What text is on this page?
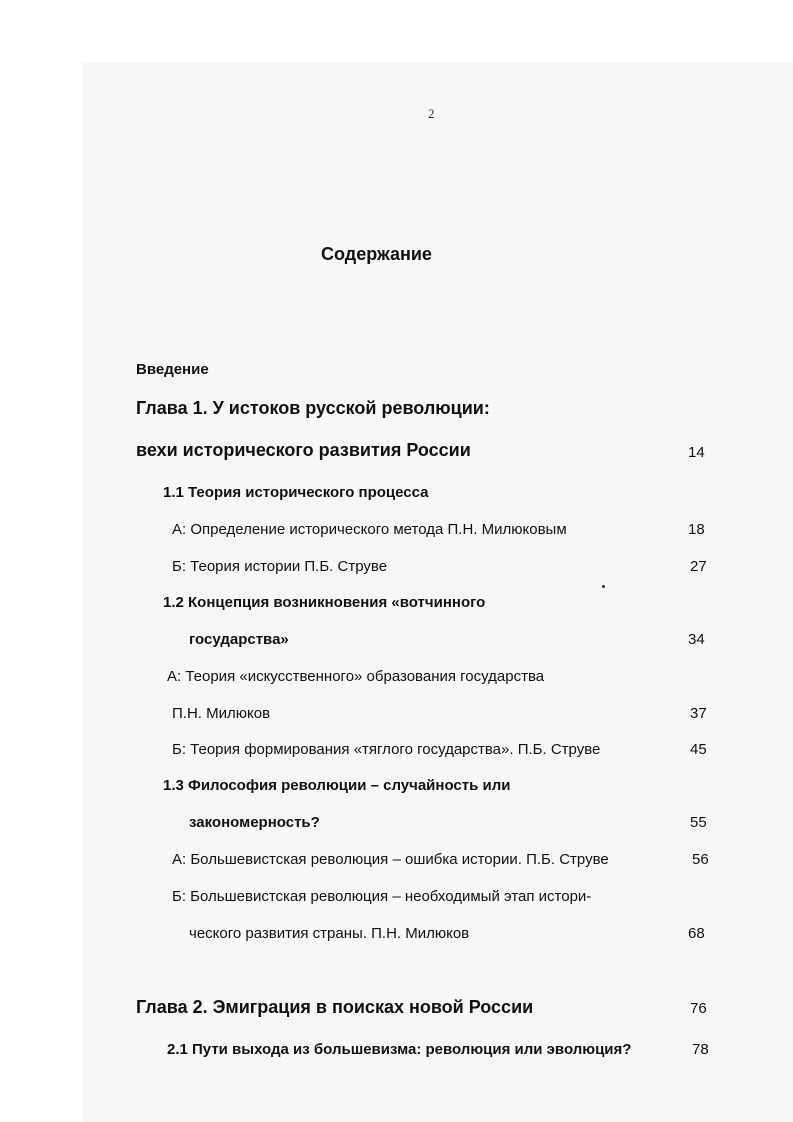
2
Содержание
Введение
Глава 1. У истоков русской революции:
вехи исторического развития России	14
1.1 Теория исторического процесса
А: Определение исторического метода П.Н. Милюковым	18
Б: Теория истории П.Б. Струве	27
1.2 Концепция возникновения «вотчинного
государства»	34
А: Теория «искусственного» образования государства
П.Н. Милюков	37
Б: Теория формирования «тяглого государства». П.Б. Струве	45
1.3 Философия революции – случайность или
закономерность?	55
А: Большевистская революция – ошибка истории. П.Б. Струве	56
Б: Большевистская революция – необходимый этап истори-
ческого развития страны. П.Н. Милюков	68
Глава 2. Эмиграция в поисках новой России	76
2.1 Пути выхода из большевизма: революция или эволюция?	78
